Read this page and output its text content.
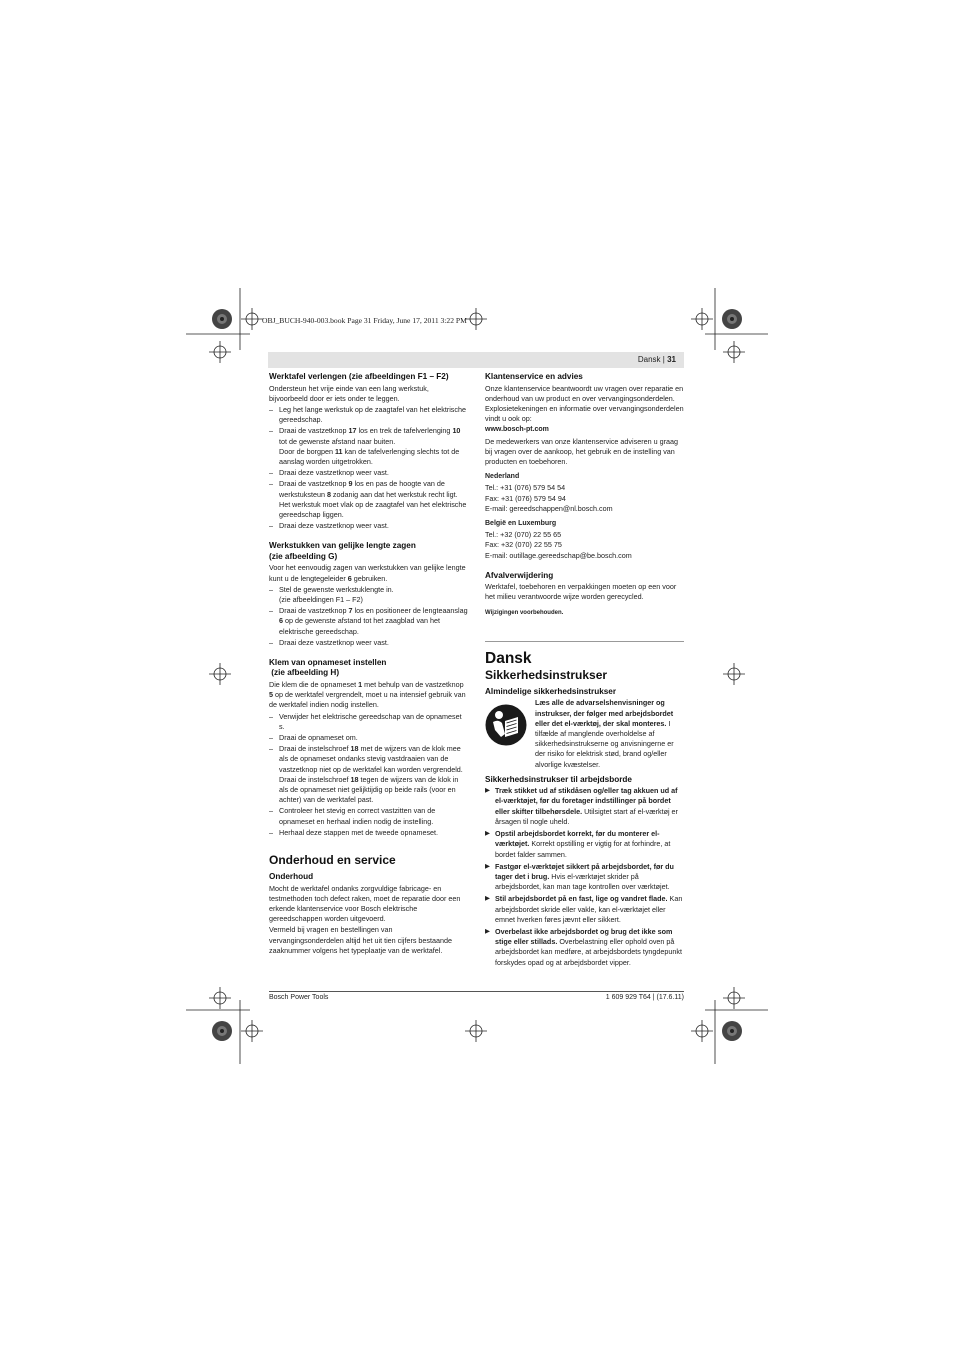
OBJ_BUCH-940-003.book Page 31 Friday, June 17, 2011 3:22 PM
Dansk | 31

Werktafel verlengen (zie afbeeldingen F1 – F2)

Ondersteun het vrije einde van een lang werkstuk, bijvoorbeeld door er iets onder te leggen.

– Leg het lange werkstuk op de zaagtafel van het elektrische gereedschap.

– Draai de vastzetknop 17 los en trek de tafelverlenging 10 tot de gewenste afstand naar buiten.
Door de borgpen 11 kan de tafelverlenging slechts tot de aanslag worden uitgetrokken.

– Draai deze vastzetknop weer vast.

– Draai de vastzetknop 9 los en pas de hoogte van de werkstuksteun 8 zodanig aan dat het werkstuk recht ligt.
Het werkstuk moet vlak op de zaagtafel van het elektrische gereedschap liggen.

– Draai deze vastzetknop weer vast.

Werkstukken van gelijke lengte zagen
(zie afbeelding G)

Voor het eenvoudig zagen van werkstukken van gelijke lengte kunt u de lengtegeleider 6 gebruiken.

– Stel de gewenste werkstuklengte in.
(zie afbeeldingen F1 – F2)

– Draai de vastzetknop 7 los en positioneer de lengteaanslag 6 op de gewenste afstand tot het zaagblad van het elektrische gereedschap.

– Draai deze vastzetknop weer vast.

Klem van opnameset instellen
(zie afbeelding H)

Die klem die de opnameset 1 met behulp van de vastzetknop 5 op de werktafel vergrendelt, moet u na intensief gebruik van de werktafel indien nodig instellen.

– Verwijder het elektrische gereedschap van de opnameset s.

– Draai de opnameset om.

– Draai de instelschroef 18 met de wijzers van de klok mee als de opnameset ondanks stevig vastdraaien van de vastzetknop niet op de werktafel kan worden vergrendeld.
Draai de instelschroef 18 tegen de wijzers van de klok in als de opnameset niet gelijktijdig op beide rails (voor en achter) van de werktafel past.

– Controleer het stevig en correct vastzitten van de opnameset en herhaal indien nodig de instelling.

– Herhaal deze stappen met de tweede opnameset.

Onderhoud en service

Onderhoud

Mocht de werktafel ondanks zorgvuldige fabricage- en testmethoden toch defect raken, moet de reparatie door een erkende klantenservice voor Bosch elektrische gereedschappen worden uitgevoerd.

Vermeld bij vragen en bestellingen van vervangingsonderdelen altijd het uit tien cijfers bestaande zaaknummer volgens het typeplaatje van de werktafel.

Klantenservice en advies

Onze klantenservice beantwoordt uw vragen over reparatie en onderhoud van uw product en over vervangingsonderdelen. Explosietekeningen en informatie over vervangingsonderdelen vindt u ook op:

www.bosch-pt.com

De medewerkers van onze klantenservice adviseren u graag bij vragen over de aankoop, het gebruik en de instelling van producten en toebehoren.

Nederland

Tel.: +31 (076) 579 54 54

Fax: +31 (076) 579 54 94

E-mail: gereedschappen@nl.bosch.com

België en Luxemburg

Tel.: +32 (070) 22 55 65

Fax: +32 (070) 22 55 75

E-mail: outillage.gereedschap@be.bosch.com

Afvalverwijdering

Werktafel, toebehoren en verpakkingen moeten op een voor het milieu verantwoorde wijze worden gerecycled.

Wijzigingen voorbehouden.

Dansk

Sikkerhedsinstrukser

Almindelige sikkerhedsinstrukser

Læs alle de advarselshenvisninger og instrukser, der følger med arbejdsbordet eller det el-værktøj, der skal monteres. I tilfælde af manglende overholdelse af sikkerhedsinstrukserne og anvisningerne er der risiko for elektrisk stød, brand og/eller alvorlige kvæstelser.

Sikkerhedsinstrukser til arbejdsborde

▶ Træk stikket ud af stikdåsen og/eller tag akkuen ud af el-værktøjet, før du foretager indstillinger på bordet eller skifter tilbehørsdele. Utilsigtet start af el-værktøj er årsagen til nogle uheld.

▶ Opstil arbejdsbordet korrekt, før du monterer el-værktøjet. Korrekt opstilling er vigtig for at forhindre, at bordet falder sammen.

▶ Fastgør el-værktøjet sikkert på arbejdsbordet, før du tager det i brug. Hvis el-værktøjet skrider på arbejdsbordet, kan man tage kontrollen over værktøjet.

▶ Stil arbejdsbordet på en fast, lige og vandret flade. Kan arbejdsbordet skride eller vakle, kan el-værktøjet eller emnet hverken føres jævnt eller sikkert.

▶ Overbelast ikke arbejdsbordet og brug det ikke som stige eller stillads. Overbelastning eller ophold oven på arbejdsbordet kan medføre, at arbejdsbordets tyngdepunkt forskydes opad og at arbejdsbordet vipper.

Bosch Power Tools	1 609 929 T64 | (17.6.11)
